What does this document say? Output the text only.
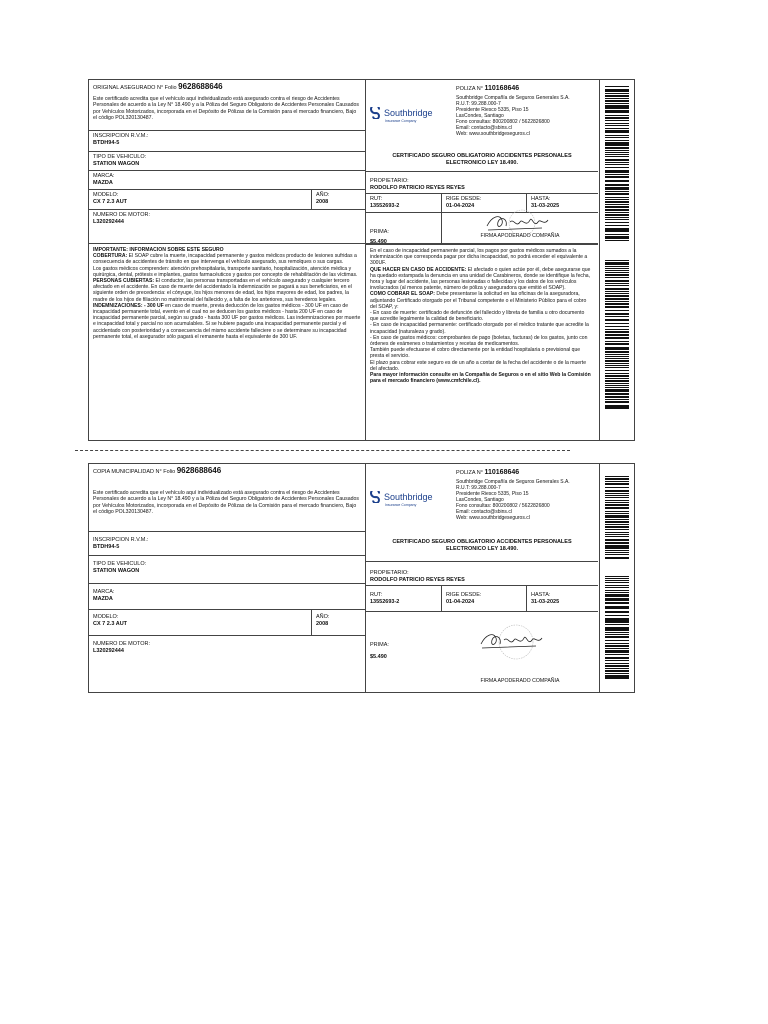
ORIGINAL ASEGURADO N° Folio 9628688646
Este certificado acredita que el vehículo aquí individualizado está asegurado contra el riesgo de Accidentes Personales de acuerdo a la Ley N° 18.490 y a la Póliza del Seguro Obligatorio de Accidentes Personales Causados por Vehículos Motorizados, incorporada en el Depósito de Pólizas de la Comisión para el mercado financiero, Bajo el código POL320130487.
INSCRIPCION R.V.M.:
BTDH94-5
TIPO DE VEHICULO:
STATION WAGON
MARCA:
MAZDA
MODELO:
CX 7 2.3 AUT
AÑO:
2008
NUMERO DE MOTOR:
L320292444

IMPORTANTE: INFORMACION SOBRE ESTE SEGURO

COBERTURA: El SOAP cubre la muerte, incapacidad permanente y gastos médicos producto de lesiones sufridas a consecuencia de accidentes de tránsito en que intervenga el vehículo asegurado, sus remolques o sus cargas.

Los gastos médicos comprenden: atención prehospitalaria, transporte sanitario, hospitalización, atención médica y quirúrgica, dental, prótesis e implantes, gastos farmacéuticos y gastos por concepto de rehabilitación de las víctimas.

PERSONAS CUBIERTAS: El conductor, las personas transportadas en el vehículo asegurado y cualquier tercero afectado en el accidente. En caso de muerte del accidentado la indemnización se pagará a sus beneficiarios, en el siguiente orden de precedencia: el cónyuge, los hijos menores de edad, los hijos mayores de edad, los padres, la madre de los hijos de filiación no matrimonial del fallecido y, a falta de los anteriores, sus herederos legales.

INDEMNIZACIONES: - 300 UF en caso de muerte, previa deducción de los gastos médicos - 300 UF en caso de incapacidad permanente total, evento en el cual no se deducen los gastos médicos - hasta 200 UF en caso de incapacidad permanente parcial, según su grado - hasta 300 UF por gastos médicos. Las indemnizaciones por muerte e incapacidad total y parcial no son acumulables. Si se hubiere pagado una incapacidad permanente parcial y el accidentado con posterioridad y a consecuencia del mismo accidente falleciere o se determinare su incapacidad permanente total, el asegurador sólo pagará el remanente hasta el equivalente de 300 UF.

POLIZA N° 110168646
Southbridge
Insurance Company
Southbridge Compañía de Seguros Generales S.A.
R.U.T: 99.288.000-7
Presidente Riesco 5335, Piso 15
LasCondes, Santiago
Fono consultas: 800200802 / 5622826800
Email: contacto@sbins.cl
Web: www.southbridgeseguros.cl
CERTIFICADO SEGURO OBLIGATORIO ACCIDENTES PERSONALES
ELECTRONICO LEY 18.490.
PROPIETARIO:
RODOLFO PATRICIO REYES REYES
RUT:
13552693-2
RIGE DESDE:
01-04-2024
HASTA:
31-03-2025
PRIMA:
$5.490
FIRMA APODERADO COMPAÑIA

En el caso de incapacidad permanente parcial, los pagos por gastos médicos sumados a la indemnización que corresponda pagar por dicha incapacidad, no podrá exceder el equivalente a 300UF.

QUE HACER EN CASO DE ACCIDENTE: El afectado o quien actúe por él, debe asegurarse que ha quedado estampada la denuncia en una unidad de Carabineros, donde se identifique la fecha, hora y lugar del accidente, las personas lesionadas o fallecidas y los datos de los vehículos involucrados (al menos patente, número de póliza y aseguradora que emitió el SOAP).

COMO COBRAR EL SOAP: Debe presentarse la solicitud en las oficinas de la aseguradora, adjuntando Certificado otorgado por el Tribunal competente o el Ministerio Público para el cobro del SOAP, y:

- En caso de muerte: certificado de defunción del fallecido y libreta de familia u otro documento que acredite legalmente la calidad de beneficiario.

- En caso de incapacidad permanente: certificado otorgado por el médico tratante que acredite la incapacidad (naturaleza y grado).

- En caso de gastos médicos: comprobantes de pago (boletas, facturas) de los gastos, junto con órdenes de exámenes o tratamientos y recetas de medicamentos.

También puede efectuarse el cobro directamente por la entidad hospitalaria o previsional que presta el servicio.

El plazo para cobrar este seguro es de un año a contar de la fecha del accidente o de la muerte del afectado.

Para mayor información consulte en la Compañía de Seguros o en el sitio Web la Comisión para el mercado financiero (www.cmfchile.cl).

COPIA MUNICIPALIDAD N° Folio 9628688646
Este certificado acredita que el vehículo aquí individualizado está asegurado contra el riesgo de Accidentes Personales de acuerdo a la Ley N° 18.490 y a la Póliza del Seguro Obligatorio de Accidentes Personales Causados por Vehículos Motorizados, incorporada en el Depósito de Pólizas de la Comisión para el mercado financiero, Bajo el código POL320130487.
INSCRIPCION R.V.M.:
BTDH94-5
TIPO DE VEHICULO:
STATION WAGON
MARCA:
MAZDA
MODELO:
CX 7 2.3 AUT
AÑO:
2008
NUMERO DE MOTOR:
L320292444
POLIZA N° 110168646
Southbridge
Insurance Company
Southbridge Compañía de Seguros Generales S.A.
R.U.T: 99.288.000-7
Presidente Riesco 5335, Piso 15
LasCondes, Santiago
Fono consultas: 800200802 / 5622826800
Email: contacto@sbins.cl
Web: www.southbridgeseguros.cl
CERTIFICADO SEGURO OBLIGATORIO ACCIDENTES PERSONALES
ELECTRONICO LEY 18.490.
PROPIETARIO:
RODOLFO PATRICIO REYES REYES
RUT:
13552693-2
RIGE DESDE:
01-04-2024
HASTA:
31-03-2025
PRIMA:
$5.490
FIRMA APODERADO COMPAÑIA
